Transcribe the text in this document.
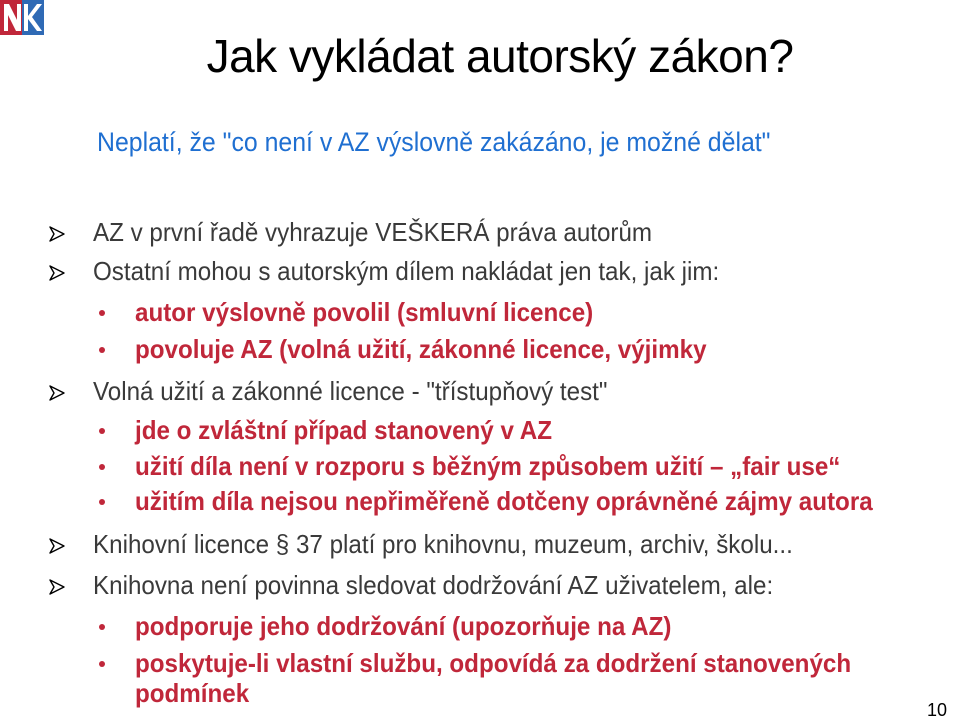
Jak vykládat autorský zákon?
Neplatí, že "co není v AZ výslovně zakázáno, je možné dělat"
AZ v první řadě vyhrazuje VEŠKERÁ práva autorům
Ostatní mohou s autorským dílem nakládat jen tak, jak jim:
autor výslovně povolil (smluvní licence)
povoluje AZ (volná užití, zákonné licence, výjimky
Volná užití a zákonné licence - "třístupňový test"
jde o zvláštní případ stanovený v AZ
užití díla není v rozporu s běžným způsobem užití – „fair use“
užitím díla nejsou nepřiměřeně dotčeny oprávněné zájmy autora
Knihovní licence § 37 platí pro knihovnu, muzeum, archiv, školu...
Knihovna není povinna sledovat dodržování AZ uživatelem, ale:
podporuje jeho dodržování (upozorňuje na AZ)
poskytuje-li vlastní službu, odpovídá za dodržení stanovených
podmínek
10
